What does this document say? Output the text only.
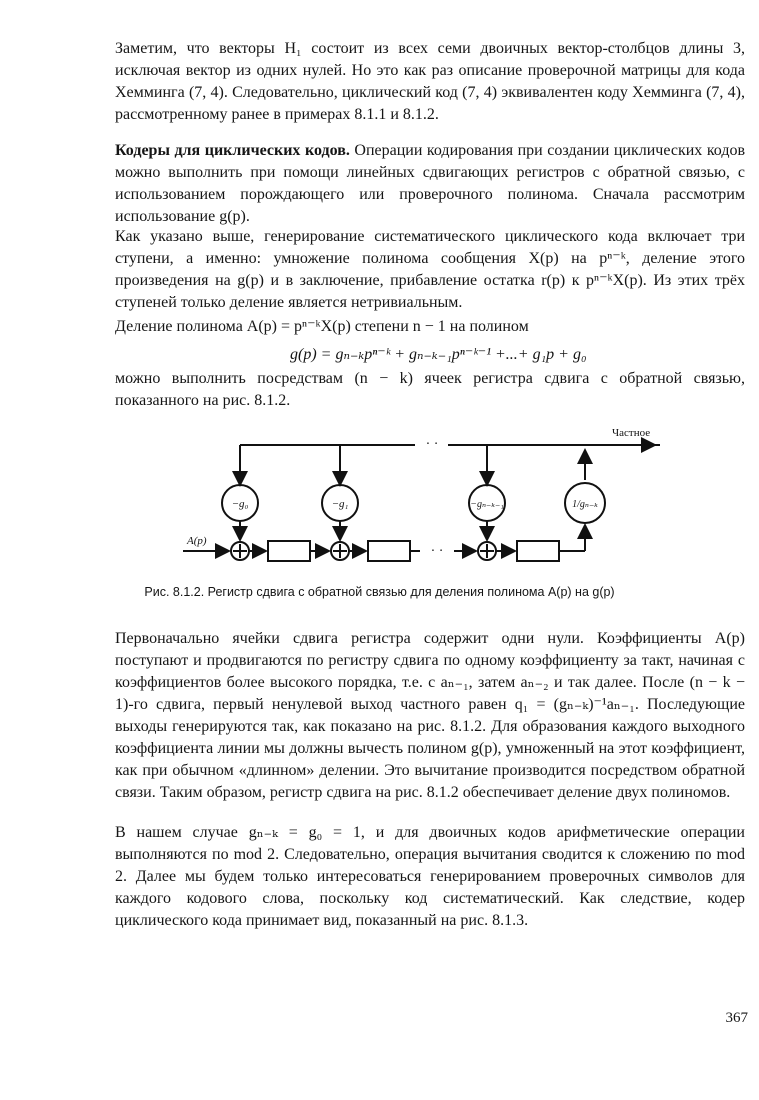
Заметим, что векторы H₁ состоит из всех семи двоичных вектор-столбцов длины 3, исключая вектор из одних нулей. Но это как раз описание проверочной матрицы для кода Хемминга (7, 4). Следовательно, циклический код (7, 4) эквивалентен коду Хемминга (7, 4), рассмотренному ранее в примерах 8.1.1 и 8.1.2.

Кодеры для циклических кодов. Операции кодирования при создании циклических кодов можно выполнить при помощи линейных сдвигающих регистров с обратной связью, с использованием порождающего или проверочного полинома. Сначала рассмотрим использование g(p).

Как указано выше, генерирование систематического циклического кода включает три ступени, а именно: умножение полинома сообщения X(p) на pⁿ⁻ᵏ, деление этого произведения на g(p) и в заключение, прибавление остатка r(p) к pⁿ⁻ᵏX(p). Из этих трёх ступеней только деление является нетривиальным.

Деление полинома A(p) = pⁿ⁻ᵏX(p) степени n − 1 на полином

g(p) = gₙ₋ₖpⁿ⁻ᵏ + gₙ₋ₖ₋₁pⁿ⁻ᵏ⁻¹ +...+ g₁p + g₀

можно выполнить посредствам (n − k) ячеек регистра сдвига с обратной связью, показанного на рис. 8.1.2.

Частное
A(p)
−g₀	−g₁	−gₙ₋ₖ₋₁	1/gₙ₋ₖ
· ·
· ·
Рис. 8.1.2. Регистр сдвига с обратной связью для деления полинома A(p) на g(p)

Первоначально ячейки сдвига регистра содержит одни нули. Коэффициенты A(p) поступают и продвигаются по регистру сдвига по одному коэффициенту за такт, начиная с коэффициентов более высокого порядка, т.е. с aₙ₋₁, затем aₙ₋₂ и так далее. После (n − k − 1)-го сдвига, первый ненулевой выход частного равен q₁ = (gₙ₋ₖ)⁻¹aₙ₋₁. Последующие выходы генерируются так, как показано на рис. 8.1.2. Для образования каждого выходного коэффициента линии мы должны вычесть полином g(p), умноженный на этот коэффициент, как при обычном «длинном» делении. Это вычитание производится посредством обратной связи. Таким образом, регистр сдвига на рис. 8.1.2 обеспечивает деление двух полиномов.

В нашем случае gₙ₋ₖ = g₀ = 1, и для двоичных кодов арифметические операции выполняются по mod 2. Следовательно, операция вычитания сводится к сложению по mod 2. Далее мы будем только интересоваться генерированием проверочных символов для каждого кодового слова, поскольку код систематический. Как следствие, кодер циклического кода принимает вид, показанный на рис. 8.1.3.

367
